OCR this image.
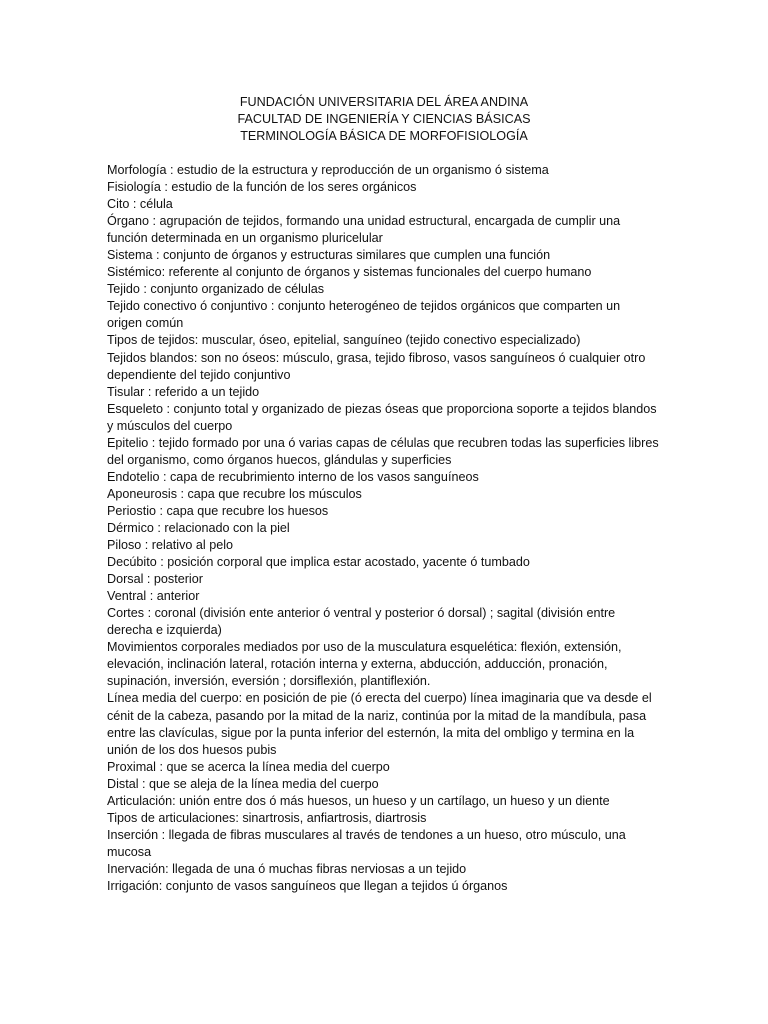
FUNDACIÓN UNIVERSITARIA DEL ÁREA ANDINA
FACULTAD DE INGENIERÍA Y CIENCIAS BÁSICAS
TERMINOLOGÍA BÁSICA DE MORFOFISIOLOGÍA
Morfología : estudio de la estructura y reproducción de un organismo ó sistema
Fisiología : estudio de la función de los seres orgánicos
Cito : célula
Órgano : agrupación de tejidos, formando una unidad estructural, encargada de cumplir una
función determinada en un organismo pluricelular
Sistema : conjunto de órganos y estructuras similares que cumplen una función
Sistémico: referente al conjunto de órganos y sistemas funcionales del cuerpo humano
Tejido : conjunto organizado de células
Tejido conectivo ó conjuntivo : conjunto heterogéneo de tejidos orgánicos que comparten un
origen común
Tipos de tejidos: muscular, óseo, epitelial, sanguíneo (tejido conectivo especializado)
Tejidos blandos: son no óseos: músculo, grasa, tejido fibroso, vasos sanguíneos ó cualquier otro
dependiente del tejido conjuntivo
Tisular : referido a un tejido
Esqueleto : conjunto total y organizado de piezas óseas que proporciona soporte a tejidos blandos
y músculos del cuerpo
Epitelio : tejido formado por una ó varias capas de células que recubren todas las superficies libres
del organismo, como órganos huecos, glándulas y superficies
Endotelio : capa de recubrimiento interno de los vasos sanguíneos
Aponeurosis : capa que recubre los músculos
Periostio : capa que recubre los huesos
Dérmico : relacionado con la piel
Piloso : relativo al pelo
Decúbito : posición corporal que implica estar acostado, yacente ó tumbado
Dorsal : posterior
Ventral : anterior
Cortes : coronal (división ente anterior ó ventral y posterior ó dorsal) ; sagital (división entre
derecha e izquierda)
Movimientos corporales mediados por uso de la musculatura esquelética: flexión, extensión,
elevación, inclinación lateral, rotación interna y externa, abducción, adducción, pronación,
supinación, inversión, eversión ; dorsiflexión, plantiflexión.
Línea media del cuerpo: en posición de pie (ó erecta del cuerpo) línea imaginaria que va desde el
cénit de la cabeza, pasando por la mitad de la nariz, continúa por la mitad de la mandíbula, pasa
entre las clavículas, sigue por la punta inferior del esternón, la mita del ombligo y termina en la
unión de los dos huesos pubis
Proximal : que se acerca la línea media del cuerpo
Distal : que se aleja de la línea media del cuerpo
Articulación: unión entre dos ó más huesos, un hueso y un cartílago, un hueso y un diente
Tipos de articulaciones: sinartrosis, anfiartrosis, diartrosis
Inserción : llegada de fibras musculares al través de tendones a un hueso, otro músculo, una
mucosa
Inervación: llegada de una ó muchas fibras nerviosas a un tejido
Irrigación: conjunto de vasos sanguíneos que llegan a tejidos ú órganos
